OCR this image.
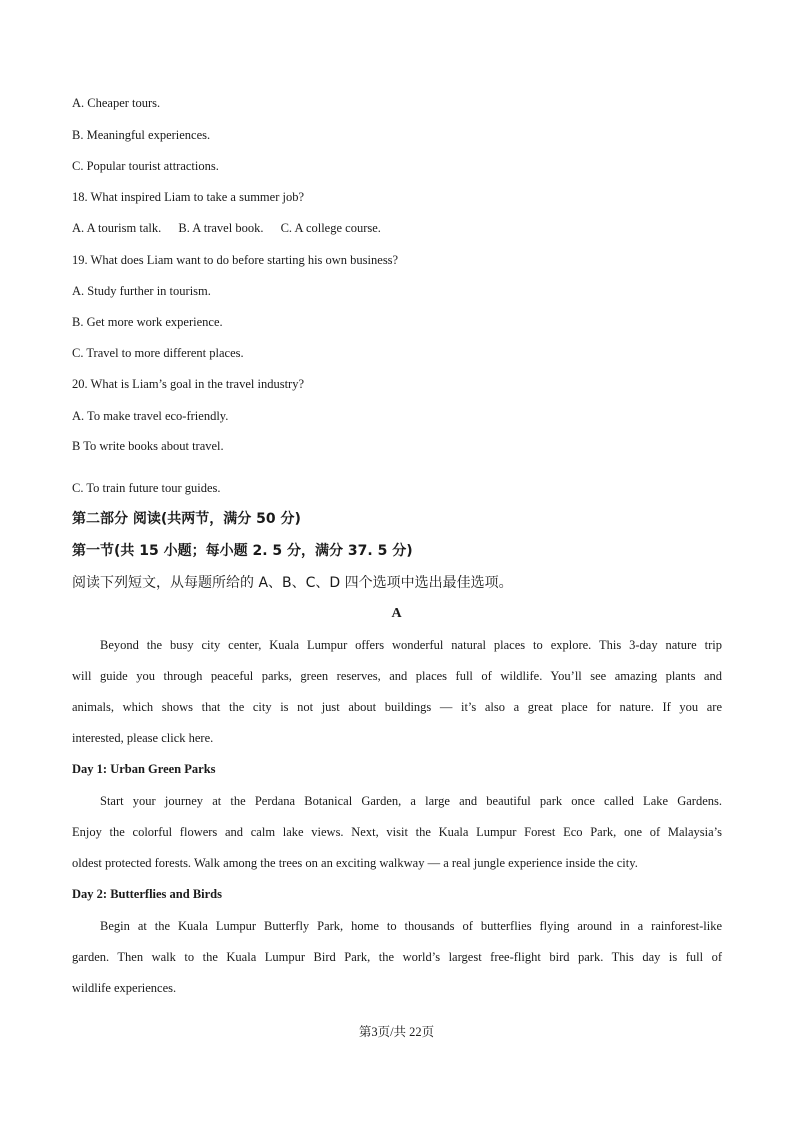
A. Cheaper tours.
B. Meaningful experiences.
C. Popular tourist attractions.
18. What inspired Liam to take a summer job?
A. A tourism talk. B. A travel book. C. A college course.
19. What does Liam want to do before starting his own business?
A. Study further in tourism.
B. Get more work experience.
C. Travel to more different places.
20. What is Liam’s goal in the travel industry?
A. To make travel eco-friendly.
B To write books about travel.
C. To train future tour guides.
第二部分 阅读(共两节，满分 50 分)
第一节(共 15 小题；每小题 2. 5 分，满分 37. 5 分)
阅读下列短文，从每题所给的 A、B、C、D 四个选项中选出最佳选项。
A
Beyond the busy city center, Kuala Lumpur offers wonderful natural places to explore. This 3-day nature trip
will guide you through peaceful parks, green reserves, and places full of wildlife. You’ll see amazing plants and
animals, which shows that the city is not just about buildings — it’s also a great place for nature. If you are
interested, please click here.
Day 1: Urban Green Parks
Start your journey at the Perdana Botanical Garden, a large and beautiful park once called Lake Gardens.
Enjoy the colorful flowers and calm lake views. Next, visit the Kuala Lumpur Forest Eco Park, one of Malaysia’s
oldest protected forests. Walk among the trees on an exciting walkway — a real jungle experience inside the city.
Day 2: Butterflies and Birds
Begin at the Kuala Lumpur Butterfly Park, home to thousands of butterflies flying around in a rainforest-like
garden. Then walk to the Kuala Lumpur Bird Park, the world’s largest free-flight bird park. This day is full of
wildlife experiences.
第3页/共 22页
